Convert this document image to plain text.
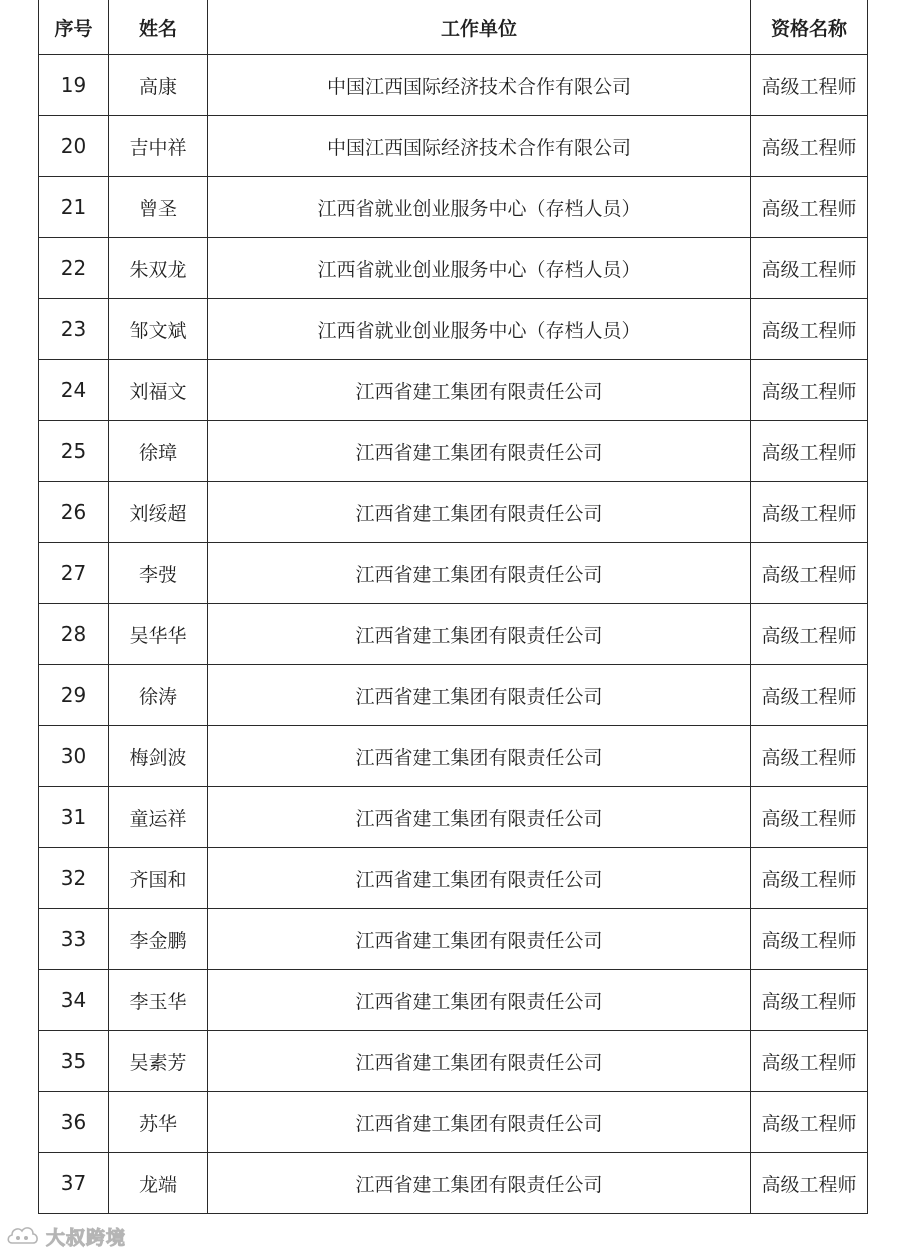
序号	姓名	工作单位	资格名称
19	高康	中国江西国际经济技术合作有限公司	高级工程师
20	吉中祥	中国江西国际经济技术合作有限公司	高级工程师
21	曾圣	江西省就业创业服务中心（存档人员）	高级工程师
22	朱双龙	江西省就业创业服务中心（存档人员）	高级工程师
23	邹文斌	江西省就业创业服务中心（存档人员）	高级工程师
24	刘福文	江西省建工集团有限责任公司	高级工程师
25	徐璋	江西省建工集团有限责任公司	高级工程师
26	刘绥超	江西省建工集团有限责任公司	高级工程师
27	李弢	江西省建工集团有限责任公司	高级工程师
28	吴华华	江西省建工集团有限责任公司	高级工程师
29	徐涛	江西省建工集团有限责任公司	高级工程师
30	梅剑波	江西省建工集团有限责任公司	高级工程师
31	童运祥	江西省建工集团有限责任公司	高级工程师
32	齐国和	江西省建工集团有限责任公司	高级工程师
33	李金鹏	江西省建工集团有限责任公司	高级工程师
34	李玉华	江西省建工集团有限责任公司	高级工程师
35	吴素芳	江西省建工集团有限责任公司	高级工程师
36	苏华	江西省建工集团有限责任公司	高级工程师
37	龙端	江西省建工集团有限责任公司	高级工程师
大叔跨境
